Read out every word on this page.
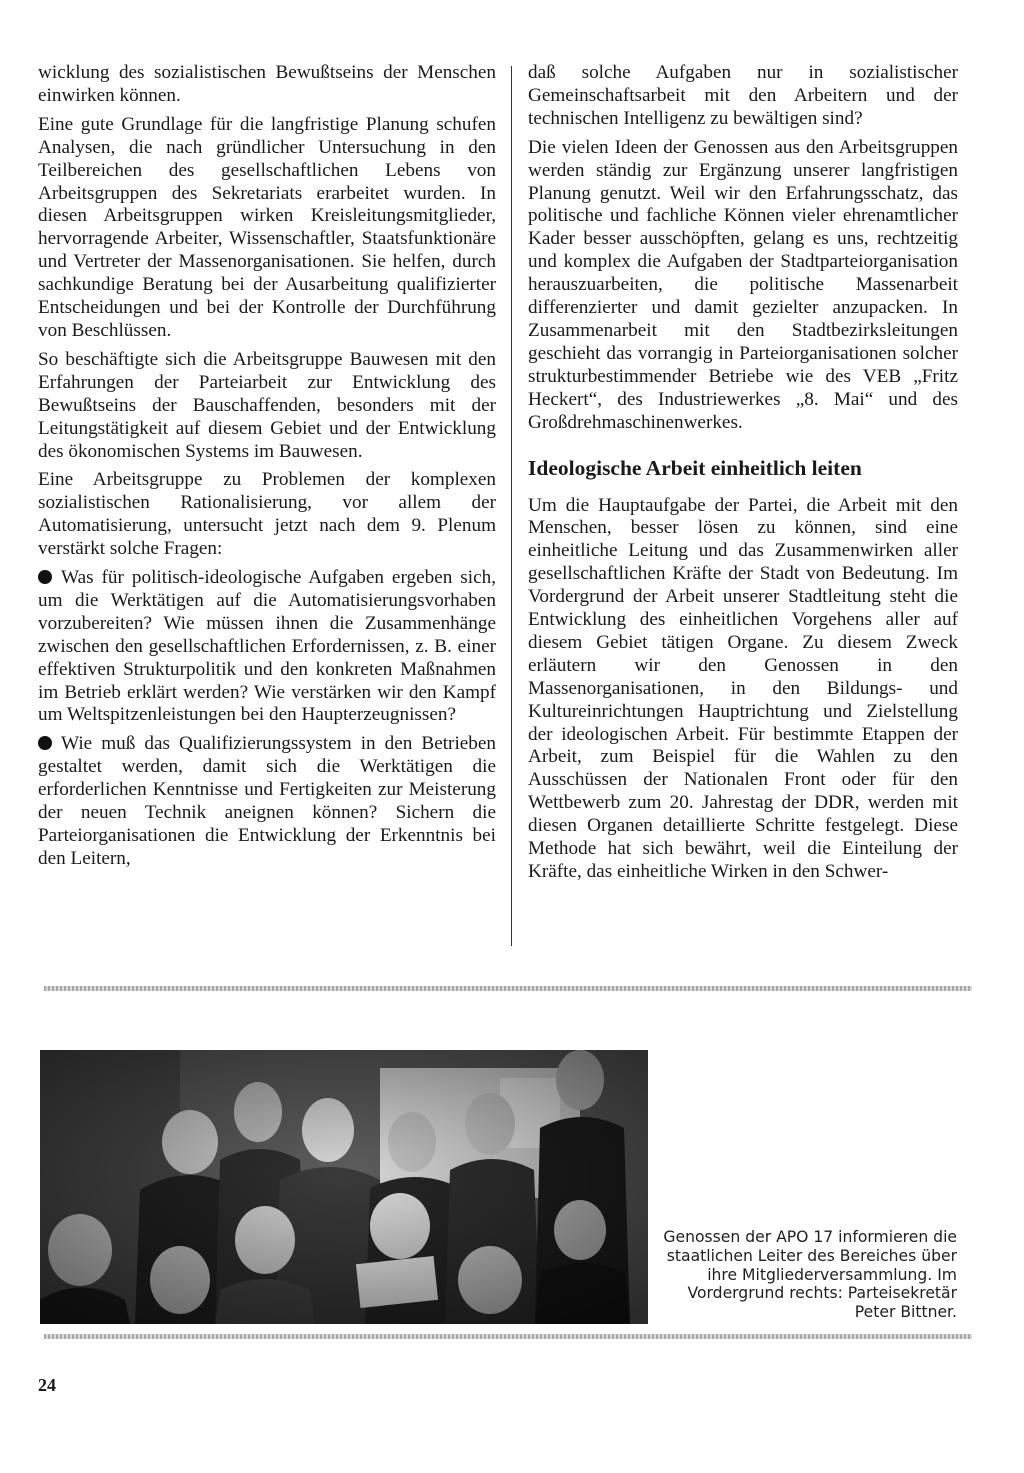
wicklung des sozialistischen Bewußtseins der Menschen einwirken können.

Eine gute Grundlage für die langfristige Planung schufen Analysen, die nach gründlicher Untersuchung in den Teilbereichen des gesellschaftlichen Lebens von Arbeitsgruppen des Sekretariats erarbeitet wurden. In diesen Arbeitsgruppen wirken Kreisleitungsmitglieder, hervorragende Arbeiter, Wissenschaftler, Staatsfunktionäre und Vertreter der Massenorganisationen. Sie helfen, durch sachkundige Beratung bei der Ausarbeitung qualifizierter Entscheidungen und bei der Kontrolle der Durchführung von Beschlüssen.

So beschäftigte sich die Arbeitsgruppe Bauwesen mit den Erfahrungen der Parteiarbeit zur Entwicklung des Bewußtseins der Bauschaffenden, besonders mit der Leitungstätigkeit auf diesem Gebiet und der Entwicklung des ökonomischen Systems im Bauwesen.

Eine Arbeitsgruppe zu Problemen der komplexen sozialistischen Rationalisierung, vor allem der Automatisierung, untersucht jetzt nach dem 9. Plenum verstärkt solche Fragen:

Was für politisch-ideologische Aufgaben ergeben sich, um die Werktätigen auf die Automatisierungsvorhaben vorzubereiten? Wie müssen ihnen die Zusammenhänge zwischen den gesellschaftlichen Erfordernissen, z. B. einer effektiven Strukturpolitik und den konkreten Maßnahmen im Betrieb erklärt werden? Wie verstärken wir den Kampf um Weltspitzenleistungen bei den Haupterzeugnissen?

Wie muß das Qualifizierungssystem in den Betrieben gestaltet werden, damit sich die Werktätigen die erforderlichen Kenntnisse und Fertigkeiten zur Meisterung der neuen Technik aneignen können? Sichern die Parteiorganisationen die Entwicklung der Erkenntnis bei den Leitern,

daß solche Aufgaben nur in sozialistischer Gemeinschaftsarbeit mit den Arbeitern und der technischen Intelligenz zu bewältigen sind?

Die vielen Ideen der Genossen aus den Arbeitsgruppen werden ständig zur Ergänzung unserer langfristigen Planung genutzt. Weil wir den Erfahrungsschatz, das politische und fachliche Können vieler ehrenamtlicher Kader besser ausschöpften, gelang es uns, rechtzeitig und komplex die Aufgaben der Stadtparteiorganisation herauszuarbeiten, die politische Massenarbeit differenzierter und damit gezielter anzupacken. In Zusammenarbeit mit den Stadtbezirksleitungen geschieht das vorrangig in Parteiorganisationen solcher strukturbestimmender Betriebe wie des VEB „Fritz Heckert“, des Industriewerkes „8. Mai“ und des Großdrehmaschinenwerkes.

Ideologische Arbeit einheitlich leiten

Um die Hauptaufgabe der Partei, die Arbeit mit den Menschen, besser lösen zu können, sind eine einheitliche Leitung und das Zusammenwirken aller gesellschaftlichen Kräfte der Stadt von Bedeutung. Im Vordergrund der Arbeit unserer Stadtleitung steht die Entwicklung des einheitlichen Vorgehens aller auf diesem Gebiet tätigen Organe. Zu diesem Zweck erläutern wir den Genossen in den Massenorganisationen, in den Bildungs- und Kultureinrichtungen Hauptrichtung und Zielstellung der ideologischen Arbeit. Für bestimmte Etappen der Arbeit, zum Beispiel für die Wahlen zu den Ausschüssen der Nationalen Front oder für den Wettbewerb zum 20. Jahrestag der DDR, werden mit diesen Organen detaillierte Schritte festgelegt. Diese Methode hat sich bewährt, weil die Einteilung der Kräfte, das einheitliche Wirken in den Schwer-

Genossen der APO 17 informieren die staatlichen Leiter des Bereiches über ihre Mitgliederversammlung. Im Vordergrund rechts: Parteisekretär Peter Bittner.
24
